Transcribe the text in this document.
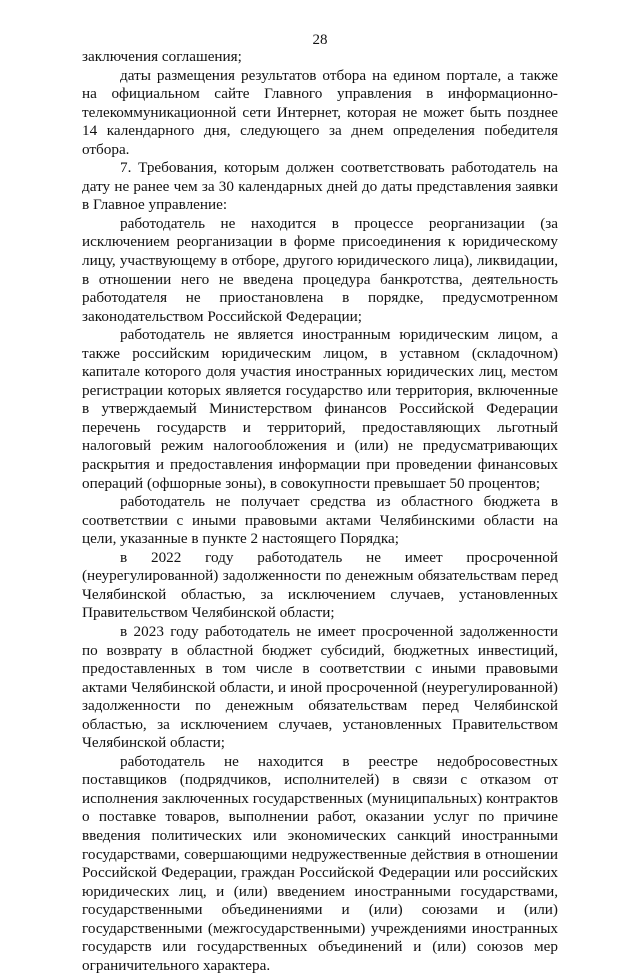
28

заключения соглашения;

даты размещения результатов отбора на едином портале, а также на официальном сайте Главного управления в информационно-телекоммуникационной сети Интернет, которая не может быть позднее 14 календарного дня, следующего за днем определения победителя отбора.

7. Требования, которым должен соответствовать работодатель на дату не ранее чем за 30 календарных дней до даты представления заявки в Главное управление:

работодатель не находится в процессе реорганизации (за исключением реорганизации в форме присоединения к юридическому лицу, участвующему в отборе, другого юридического лица), ликвидации, в отношении него не введена процедура банкротства, деятельность работодателя не приостановлена в порядке, предусмотренном законодательством Российской Федерации;

работодатель не является иностранным юридическим лицом, а также российским юридическим лицом, в уставном (складочном) капитале которого доля участия иностранных юридических лиц, местом регистрации которых является государство или территория, включенные в утверждаемый Министерством финансов Российской Федерации перечень государств и территорий, предоставляющих льготный налоговый режим налогообложения и (или) не предусматривающих раскрытия и предоставления информации при проведении финансовых операций (офшорные зоны), в совокупности превышает 50 процентов;

работодатель не получает средства из областного бюджета в соответствии с иными правовыми актами Челябинскими области на цели, указанные в пункте 2 настоящего Порядка;

в 2022 году работодатель не имеет просроченной (неурегулированной) задолженности по денежным обязательствам перед Челябинской областью, за исключением случаев, установленных Правительством Челябинской области;

в 2023 году работодатель не имеет просроченной задолженности по возврату в областной бюджет субсидий, бюджетных инвестиций, предоставленных в том числе в соответствии с иными правовыми актами Челябинской области, и иной просроченной (неурегулированной) задолженности по денежным обязательствам перед Челябинской областью, за исключением случаев, установленных Правительством Челябинской области;

работодатель не находится в реестре недобросовестных поставщиков (подрядчиков, исполнителей) в связи с отказом от исполнения заключенных государственных (муниципальных) контрактов о поставке товаров, выполнении работ, оказании услуг по причине введения политических или экономических санкций иностранными государствами, совершающими недружественные действия в отношении Российской Федерации, граждан Российской Федерации или российских юридических лиц, и (или) введением иностранными государствами, государственными объединениями и (или) союзами и (или) государственными (межгосударственными) учреждениями иностранных государств или государственных объединений и (или) союзов мер ограничительного характера.
